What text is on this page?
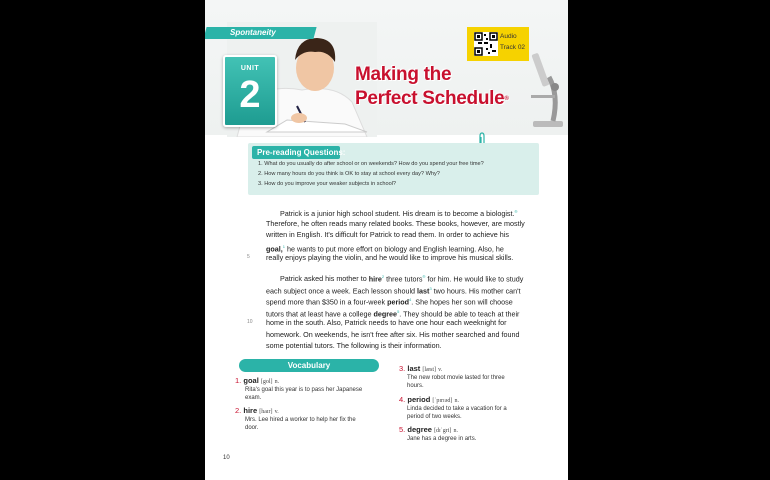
Spontaneity
UNIT
2	Making the
Perfect Schedule®
Audio
Track 02
Pre-reading Questions:
1. What do you usually do after school or on weekends? How do you spend your free time?
2. How many hours do you think is OK to stay at school every day? Why?
3. How do you improve your weaker subjects in school?
Patrick is a junior high school student. His dream is to become a biologist.®
Therefore, he often reads many related books. These books, however, are mostly
written in English. It's difficult for Patrick to read them. In order to achieve his
goal,$^1$ he wants to put more effort on biology and English learning. Also, he
5 really enjoys playing the violin, and he would like to improve his musical skills.
Patrick asked his mother to hire$^2$ three tutors® for him. He would like to study
each subject once a week. Each lesson should last$^3$ two hours. His mother can't
spend more than $350 in a four-week period$^4$. She hopes her son will choose
tutors that at least have a college degree$^5$. They should be able to teach at their
10 home in the south. Also, Patrick needs to have one hour each weeknight for
homework. On weekends, he isn't free after six. His mother searched and found
some potential tutors. The following is their information.
Vocabulary
1. goal [gol] n.
Rita's goal this year is to pass her Japanese
exam.
2. hire [haɪr] v.
Mrs. Lee hired a worker to help her fix the
door.
3. last [læst] v.
The new robot movie lasted for three
hours.
4. period [ˈpɪrɪəd] n.
Linda decided to take a vacation for a
period of two weeks.
5. degree [dɪˈgri] n.
Jane has a degree in arts.
10
